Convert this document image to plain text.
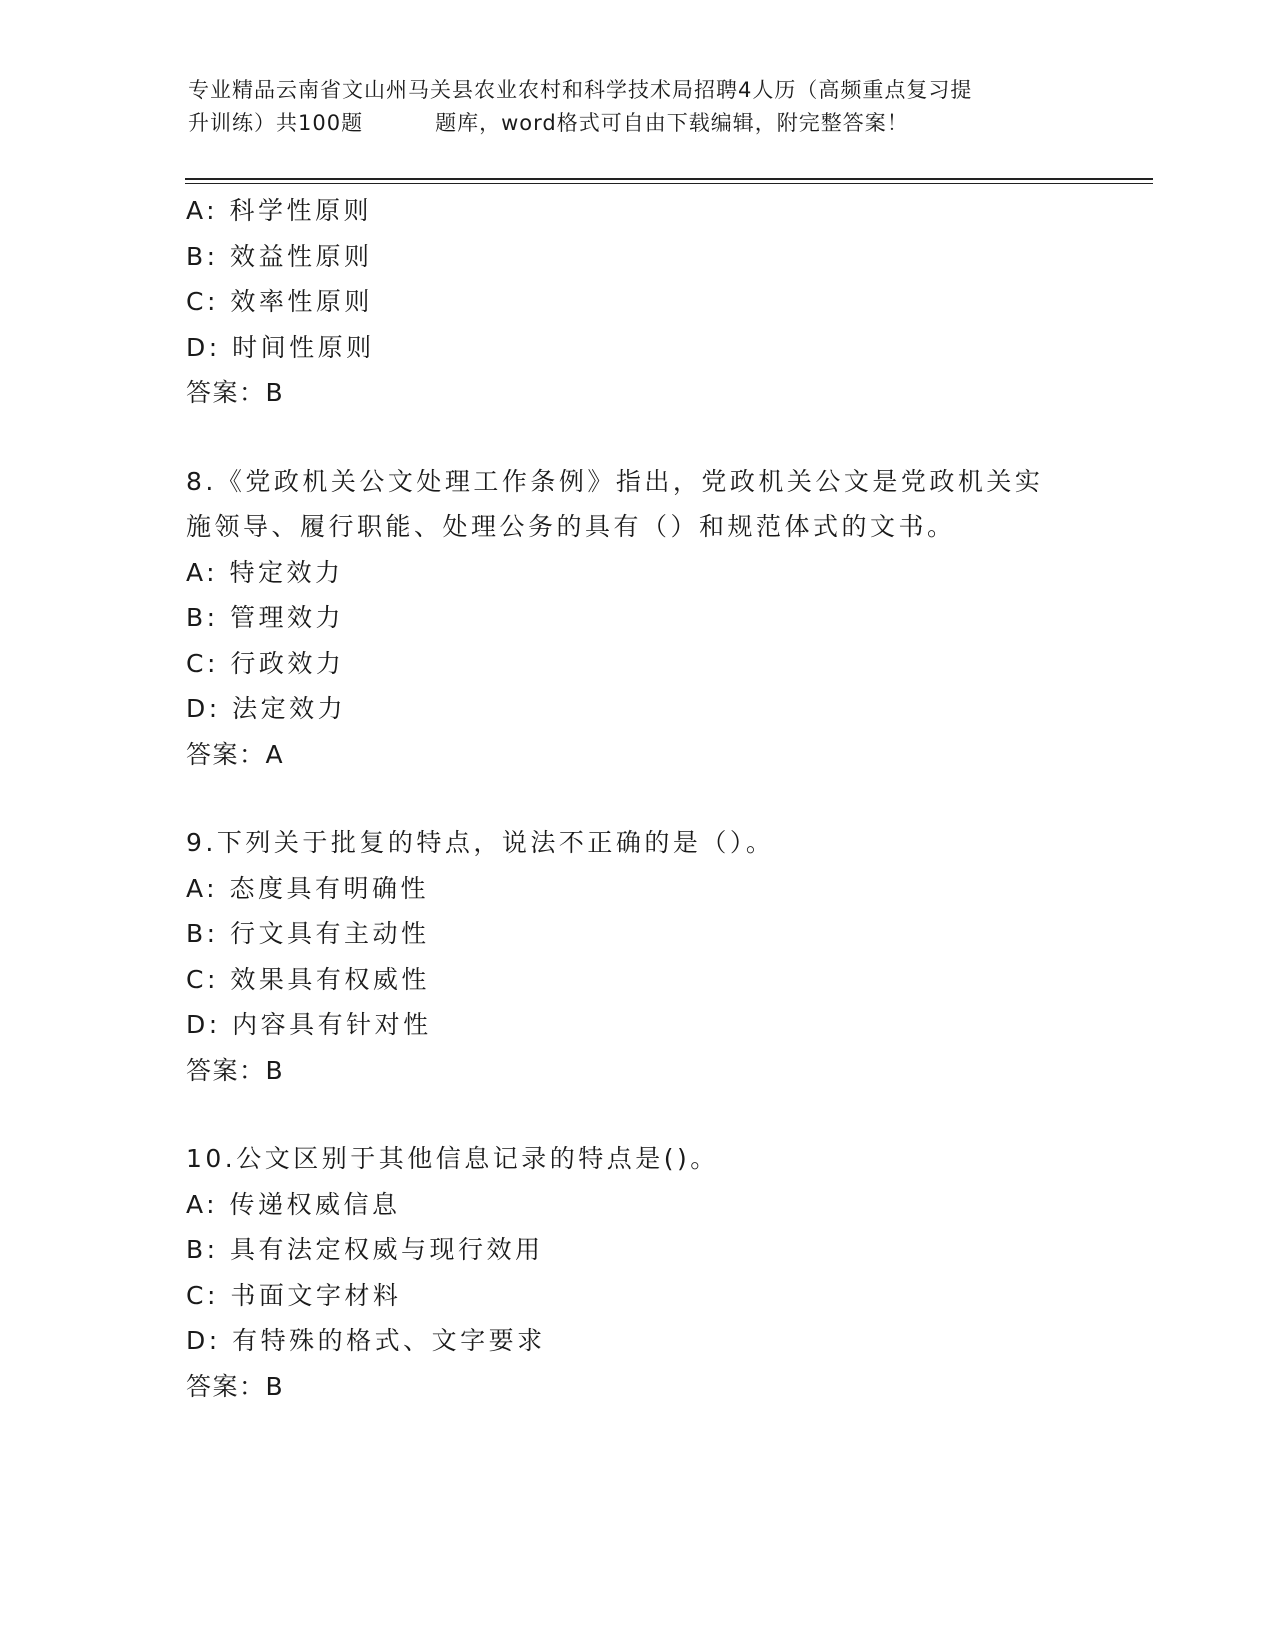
专业精品云南省文山州马关县农业农村和科学技术局招聘4人历（高频重点复习提
升训练）共100题	题库，word格式可自由下载编辑，附完整答案！
A: 科学性原则
B: 效益性原则
C: 效率性原则
D: 时间性原则
答案：B
8.《党政机关公文处理工作条例》指出，党政机关公文是党政机关实
施领导、履行职能、处理公务的具有（）和规范体式的文书。
A: 特定效力
B: 管理效力
C: 行政效力
D: 法定效力
答案：A
9.下列关于批复的特点，说法不正确的是（）。
A: 态度具有明确性
B: 行文具有主动性
C: 效果具有权威性
D: 内容具有针对性
答案：B
10.公文区别于其他信息记录的特点是()。
A: 传递权威信息
B: 具有法定权威与现行效用
C: 书面文字材料
D: 有特殊的格式、文字要求
答案：B
